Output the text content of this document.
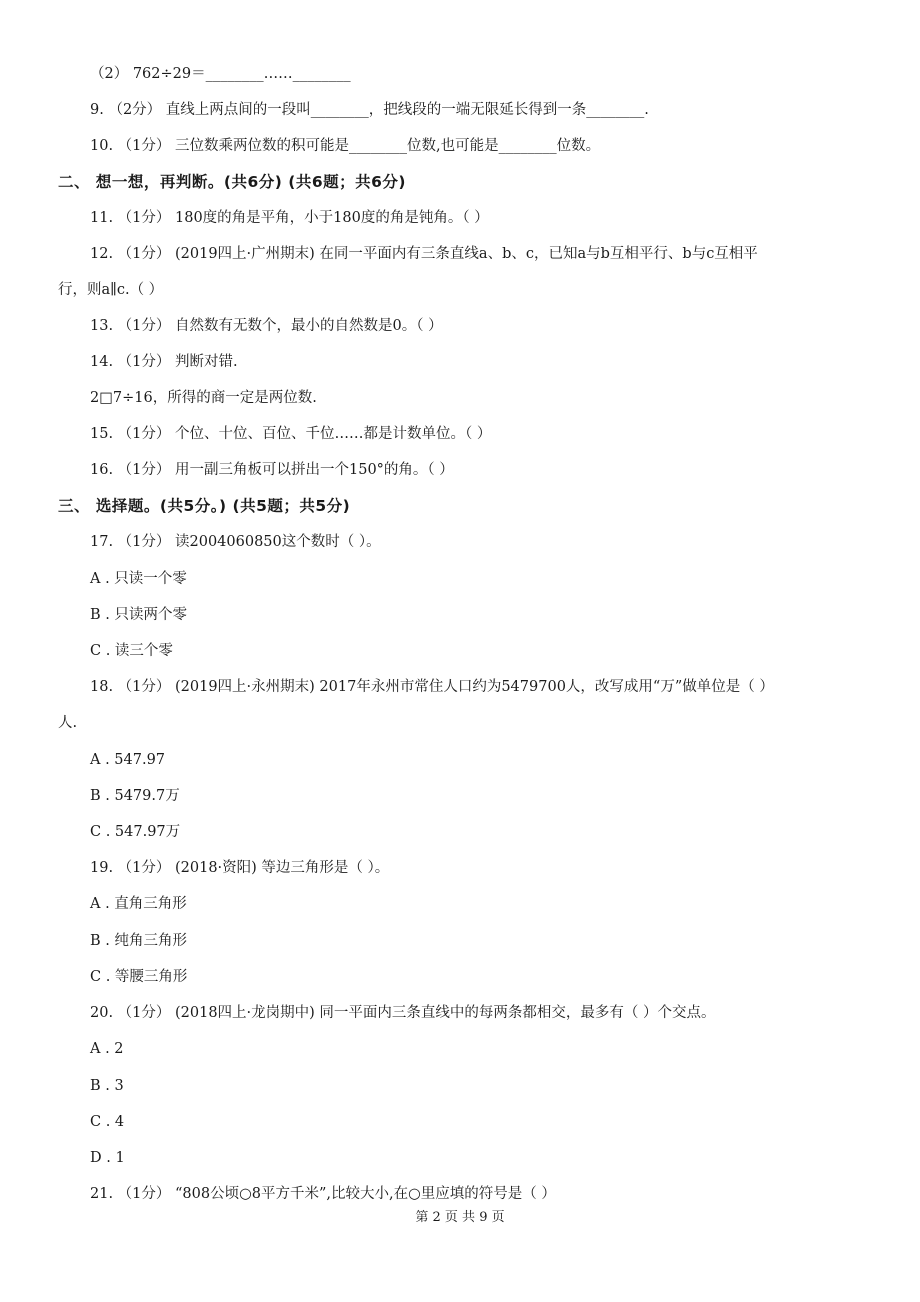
（2） 762÷29＝________……________
9. （2分） 直线上两点间的一段叫________，把线段的一端无限延长得到一条________.
10. （1分） 三位数乘两位数的积可能是________位数,也可能是________位数。
二、 想一想，再判断。(共6分) (共6题；共6分)
11. （1分） 180度的角是平角，小于180度的角是钝角。（ ）
12. （1分） (2019四上·广州期末) 在同一平面内有三条直线a、b、c，已知a与b互相平行、b与c互相平
行，则a∥c.（ ）
13. （1分） 自然数有无数个，最小的自然数是0。（ ）
14. （1分） 判断对错.
2□7÷16，所得的商一定是两位数.
15. （1分） 个位、十位、百位、千位……都是计数单位。（ ）
16. （1分） 用一副三角板可以拼出一个150°的角。（ ）
三、 选择题。(共5分。) (共5题；共5分)
17. （1分） 读2004060850这个数时（ ）。
A . 只读一个零
B . 只读两个零
C . 读三个零
18. （1分） (2019四上·永州期末) 2017年永州市常住人口约为5479700人，改写成用“万”做单位是（ ）
人.
A . 547.97
B . 5479.7万
C . 547.97万
19. （1分） (2018·资阳) 等边三角形是（ ）。
A . 直角三角形
B . 纯角三角形
C . 等腰三角形
20. （1分） (2018四上·龙岗期中) 同一平面内三条直线中的每两条都相交，最多有（ ）个交点。
A . 2
B . 3
C . 4
D . 1
21. （1分） “808公顷○8平方千米”,比较大小,在○里应填的符号是（ ）
第 2 页 共 9 页
